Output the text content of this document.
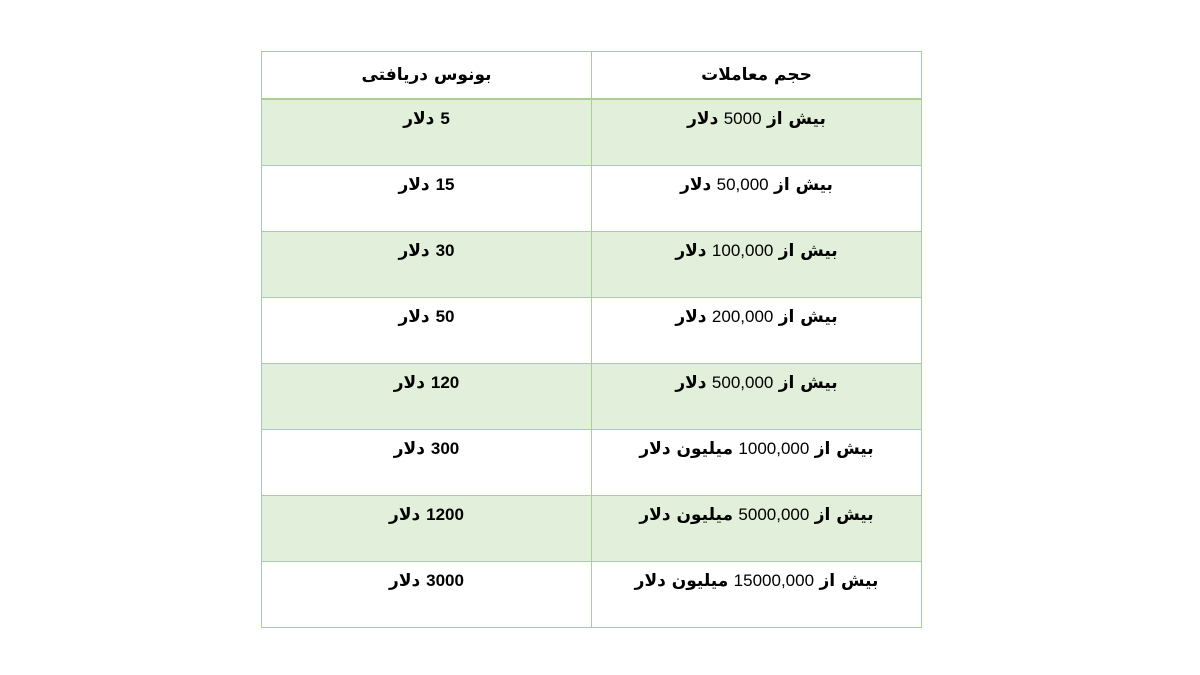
حجم معاملات	بونوس دریافتی
بیش از 5000 دلار	5 دلار
بیش از 50,000 دلار	15 دلار
بیش از 100,000 دلار	30 دلار
بیش از 200,000 دلار	50 دلار
بیش از 500,000 دلار	120 دلار
بیش از 1000,000 میلیون دلار	300 دلار
بیش از 5000,000 میلیون دلار	1200 دلار
بیش از 15000,000 میلیون دلار	3000 دلار
